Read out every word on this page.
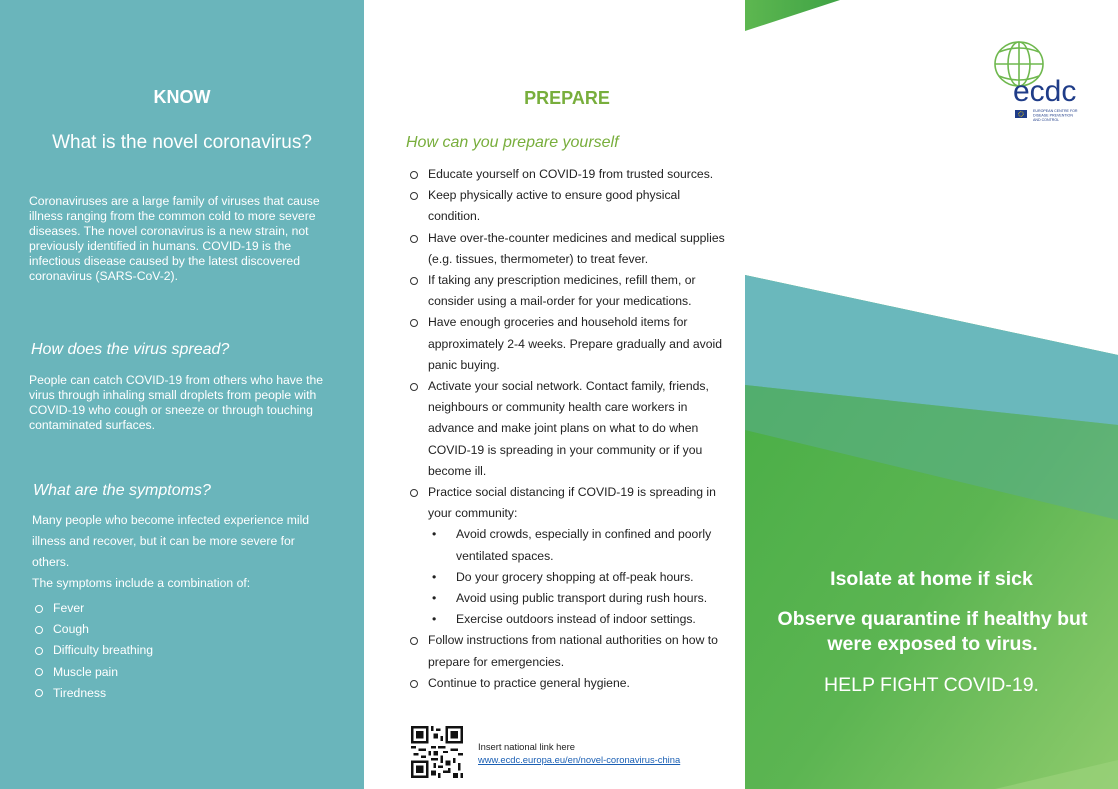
KNOW
What is the novel coronavirus?
Coronaviruses are a large family of viruses that cause illness ranging from the common cold to more severe diseases. The novel coronavirus is a new strain, not previously identified in humans. COVID-19 is the infectious disease caused by the latest discovered coronavirus (SARS-CoV-2).
How does the virus spread?
People can catch COVID-19 from others who have the virus through inhaling small droplets from people with COVID-19 who cough or sneeze or through touching contaminated surfaces.
What are the symptoms?
Many people who become infected experience mild illness and recover, but it can be more severe for others.
The symptoms include a combination of:
Fever
Cough
Difficulty breathing
Muscle pain
Tiredness
PREPARE
How can you prepare yourself
Educate yourself on COVID-19 from trusted sources.
Keep physically active to ensure good physical condition.
Have over-the-counter medicines and medical supplies (e.g. tissues, thermometer) to treat fever.
If taking any prescription medicines, refill them, or consider using a mail-order for your medications.
Have enough groceries and household items for approximately 2-4 weeks. Prepare gradually and avoid panic buying.
Activate your social network. Contact family, friends, neighbours or community health care workers in advance and make joint plans on what to do when COVID-19 is spreading in your community or if you become ill.
Practice social distancing if COVID-19 is spreading in your community:
• Avoid crowds, especially in confined and poorly ventilated spaces.
• Do your grocery shopping at off-peak hours.
• Avoid using public transport during rush hours.
• Exercise outdoors instead of indoor settings.
Follow instructions from national authorities on how to prepare for emergencies.
Continue to practice general hygiene.
Insert national link here
www.ecdc.europa.eu/en/novel-coronavirus-china
ecdc
EUROPEAN CENTRE FOR
DISEASE PREVENTION
AND CONTROL
Isolate at home if sick
Observe quarantine if healthy but were exposed to virus.
HELP FIGHT COVID-19.
